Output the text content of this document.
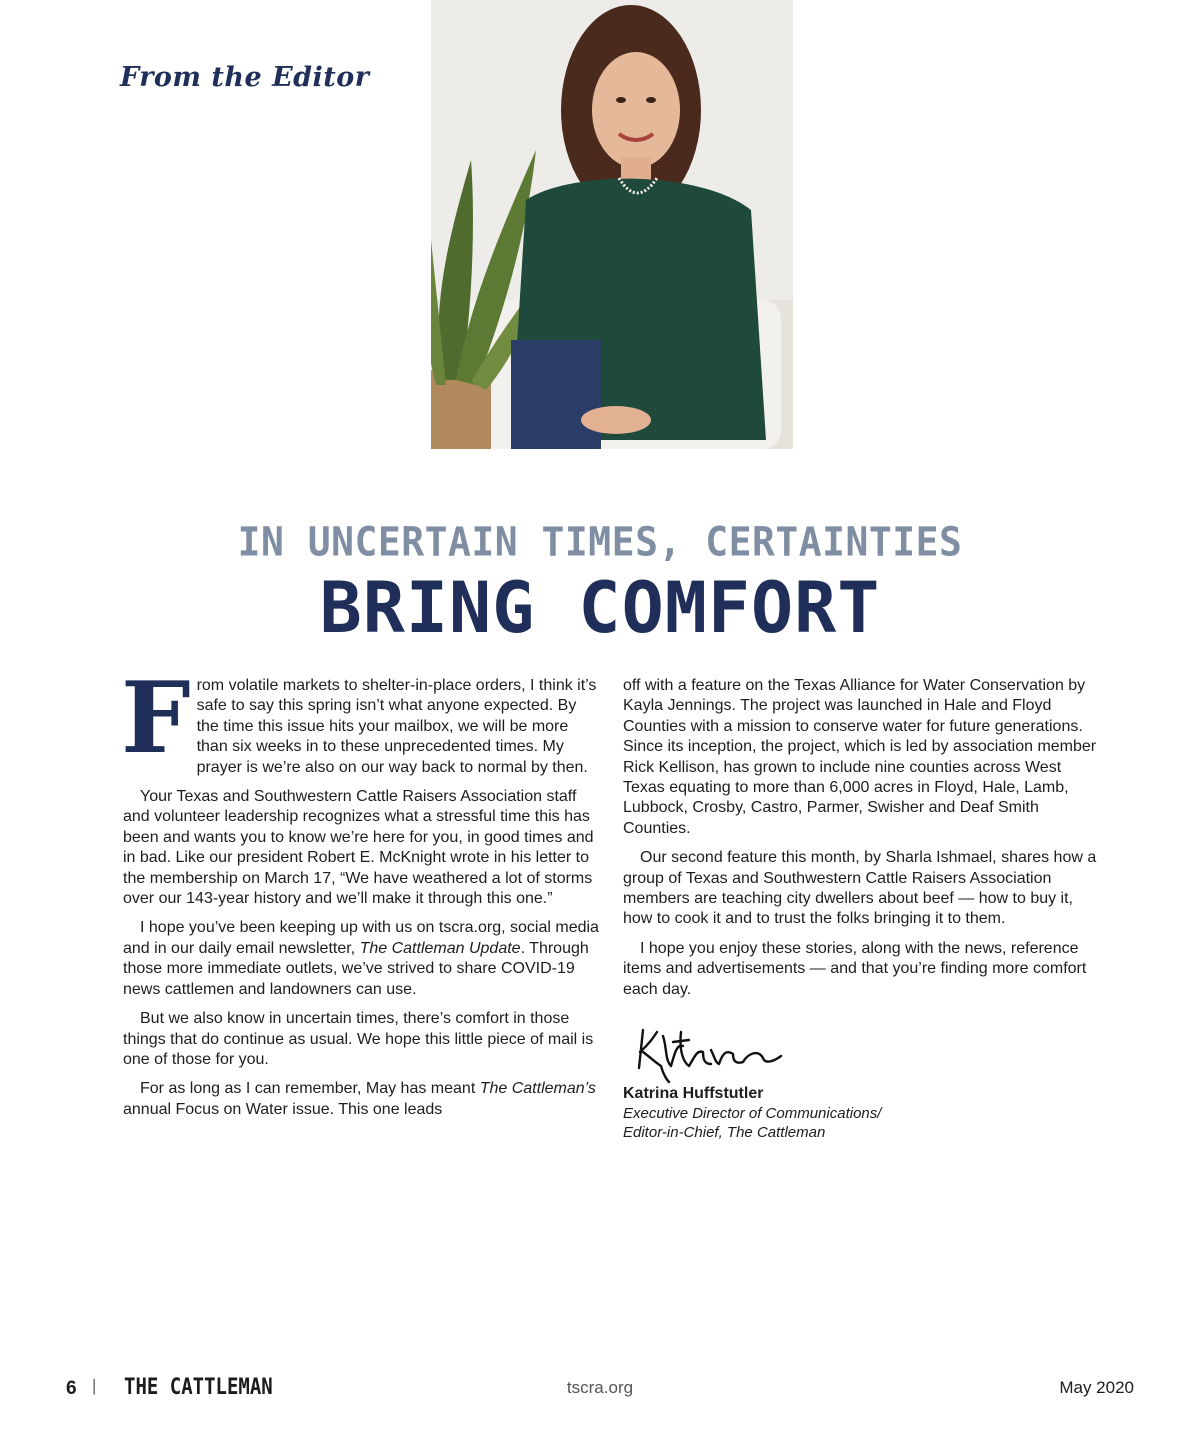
From the Editor
IN UNCERTAIN TIMES, CERTAINTIES
BRING COMFORT

From volatile markets to shelter-in-place orders, I think it’s safe to say this spring isn’t what anyone expected. By the time this issue hits your mailbox, we will be more than six weeks in to these unprecedented times. My prayer is we’re also on our way back to normal by then.

Your Texas and Southwestern Cattle Raisers Association staff and volunteer leadership recognizes what a stressful time this has been and wants you to know we’re here for you, in good times and in bad. Like our president Robert E. McKnight wrote in his letter to the membership on March 17, “We have weathered a lot of storms over our 143-year history and we’ll make it through this one.”

I hope you’ve been keeping up with us on tscra.org, social media and in our daily email newsletter, The Cattleman Update. Through those more immediate outlets, we’ve strived to share COVID-19 news cattlemen and landowners can use.

But we also know in uncertain times, there’s comfort in those things that do continue as usual. We hope this little piece of mail is one of those for you.

For as long as I can remember, May has meant The Cattleman’s annual Focus on Water issue. This one leads

off with a feature on the Texas Alliance for Water Conservation by Kayla Jennings. The project was launched in Hale and Floyd Counties with a mission to conserve water for future generations. Since its inception, the project, which is led by association member Rick Kellison, has grown to include nine counties across West Texas equating to more than 6,000 acres in Floyd, Hale, Lamb, Lubbock, Crosby, Castro, Parmer, Swisher and Deaf Smith Counties.

Our second feature this month, by Sharla Ishmael, shares how a group of Texas and Southwestern Cattle Raisers Association members are teaching city dwellers about beef — how to buy it, how to cook it and to trust the folks bringing it to them.

I hope you enjoy these stories, along with the news, reference items and advertisements — and that you’re finding more comfort each day.

Katrina Huffstutler
Executive Director of Communications/
Editor-in-Chief, The Cattleman
6 | THE CATTLEMAN	tscra.org	May 2020
